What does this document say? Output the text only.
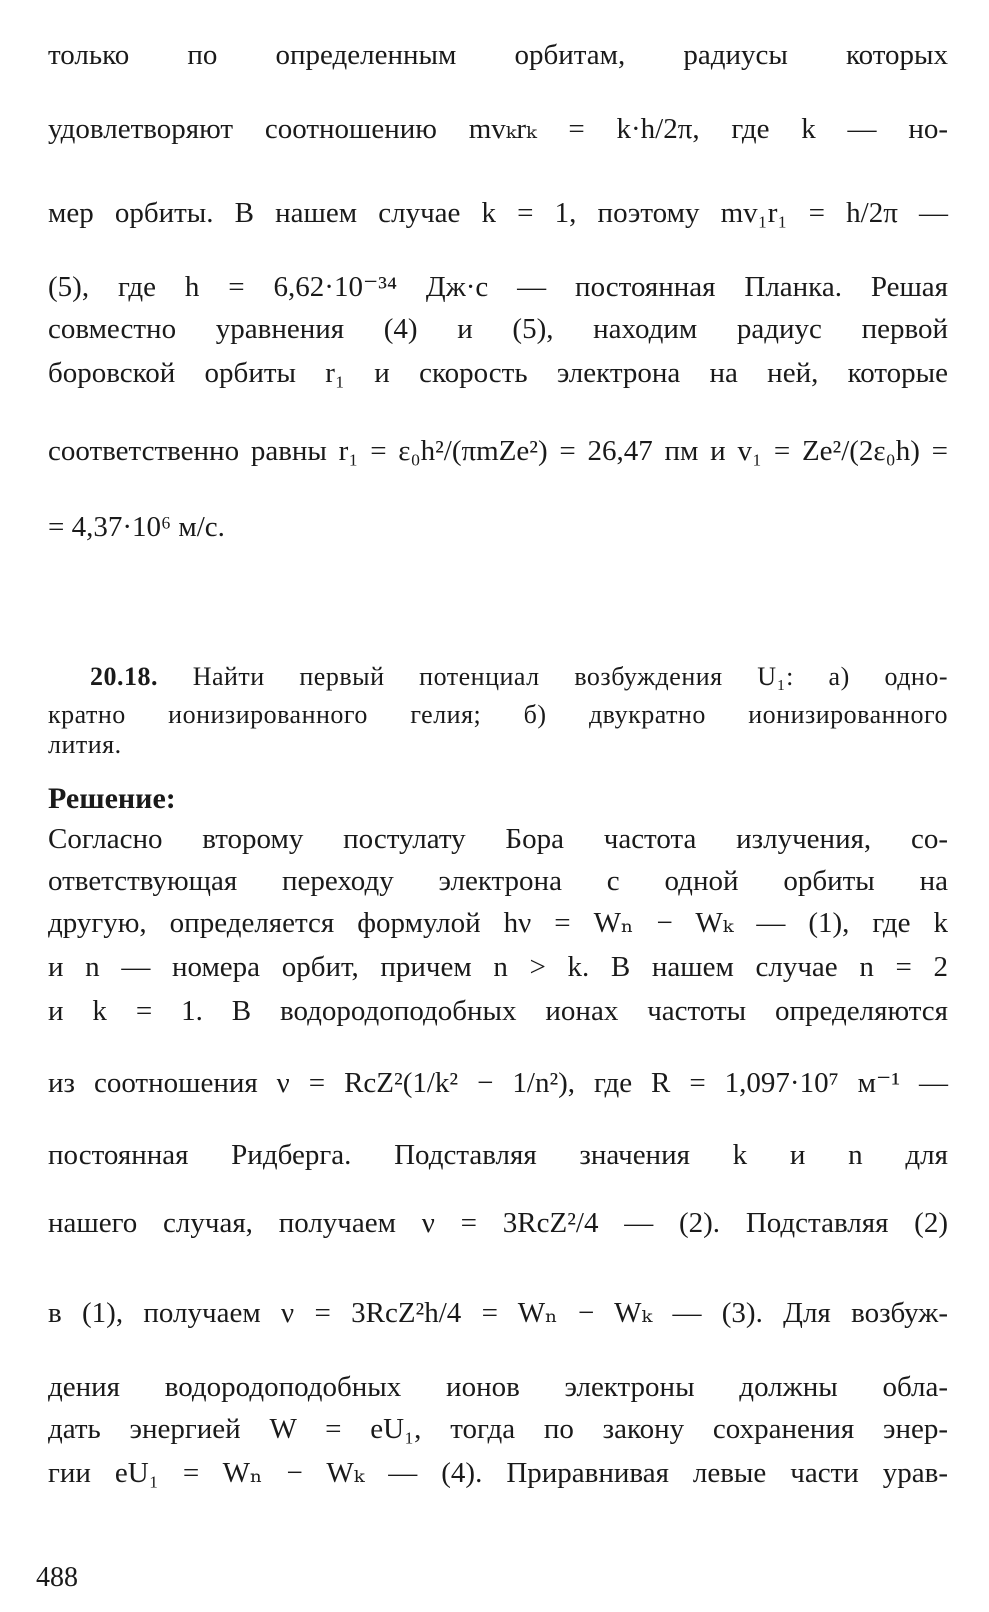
только по определенным орбитам, радиусы которых
удовлетворяют соотношению mvₖrₖ = k·h/2π, где k — но-
мер орбиты. В нашем случае k = 1, поэтому mv₁r₁ = h/2π —
(5), где h = 6,62·10⁻³⁴ Дж·с — постоянная Планка. Решая
совместно уравнения (4) и (5), находим радиус первой
боровской орбиты r₁ и скорость электрона на ней, которые
соответственно равны r₁ = ε₀h²/(πmZe²) = 26,47 пм и v₁ = Ze²/(2ε₀h) =
= 4,37·10⁶ м/с.
20.18. Найти первый потенциал возбуждения U₁: а) одно-
кратно ионизированного гелия; б) двукратно ионизированного
лития.
Решение:
Согласно второму постулату Бора частота излучения, со-
ответствующая переходу электрона с одной орбиты на
другую, определяется формулой hν = Wₙ − Wₖ — (1), где k
и n — номера орбит, причем n > k. В нашем случае n = 2
и k = 1. В водородоподобных ионах частоты определяются
из соотношения ν = RcZ²(1/k² − 1/n²), где R = 1,097·10⁷ м⁻¹ —
постоянная Ридберга. Подставляя значения k и n для
нашего случая, получаем ν = 3RcZ²/4 — (2). Подставляя (2)
в (1), получаем ν = 3RcZ²h/4 = Wₙ − Wₖ — (3). Для возбуж-
дения водородоподобных ионов электроны должны обла-
дать энергией W = eU₁, тогда по закону сохранения энер-
гии eU₁ = Wₙ − Wₖ — (4). Приравнивая левые части урав-
488
